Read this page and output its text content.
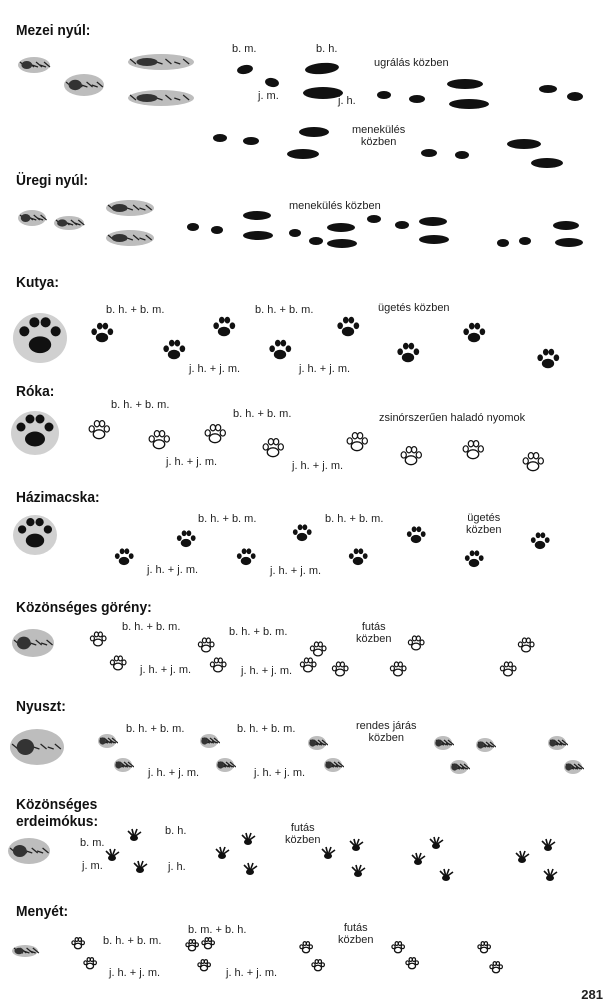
Mezei nyúl:
b. m.	b. h.
ugrálás közben
j. m.	j. h.
menekülés
közben
Üregi nyúl:
menekülés közben
Kutya:
b. h. + b. m.	b. h. + b. m.	ügetés közben
j. h. + j. m.	j. h. + j. m.
Róka:
b. h. + b. m.
b. h. + b. m.	zsinórszerűen haladó nyomok
j. h. + j. m.	j. h. + j. m.
Házimacska:
b. h. + b. m.	b. h. + b. m.	ügetés
közben
j. h. + j. m.	j. h. + j. m.
Közönséges görény:
b. h. + b. m.	b. h. + b. m.	futás
közben
j. h. + j. m.	j. h. + j. m.
Nyuszt:
b. h. + b. m.	b. h. + b. m.	rendes járás
közben
j. h. + j. m.	j. h. + j. m.
Közönséges
erdeimókus:
b. h.
b. m.
futás
közben
j. m.	j. h.
Menyét:
b. m. + b. h.
b. h. + b. m.
futás
közben
j. h. + j. m.	j. h. + j. m.
281
